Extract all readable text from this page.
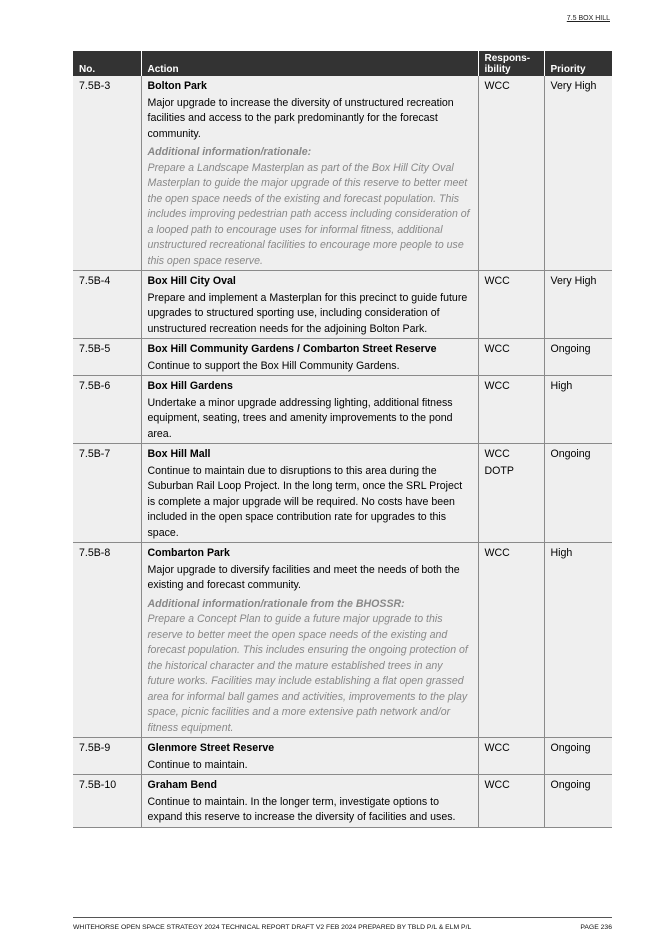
7.5 BOX HILL
No.	Action	Respons-
ibility	Priority
7.5B-3	Bolton Park
Major upgrade to increase the diversity of unstructured recreation facilities and access to the park predominantly for the forecast community.
Additional information/rationale:
Prepare a Landscape Masterplan as part of the Box Hill City Oval Masterplan to guide the major upgrade of this reserve to better meet the open space needs of the existing and forecast population. This includes improving pedestrian path access including consideration of a looped path to encourage uses for informal fitness, additional unstructured recreational facilities to encourage more people to use this open space reserve.	WCC	Very High
7.5B-4	Box Hill City Oval
Prepare and implement a Masterplan for this precinct to guide future upgrades to structured sporting use, including consideration of unstructured recreation needs for the adjoining Bolton Park.	WCC	Very High
7.5B-5	Box Hill Community Gardens / Combarton Street Reserve
Continue to support the Box Hill Community Gardens.	WCC	Ongoing
7.5B-6	Box Hill Gardens
Undertake a minor upgrade addressing lighting, additional fitness equipment, seating, trees and amenity improvements to the pond area.	WCC	High
7.5B-7	Box Hill Mall
Continue to maintain due to disruptions to this area during the Suburban Rail Loop Project. In the long term, once the SRL Project is complete a major upgrade will be required. No costs have been included in the open space contribution rate for upgrades to this space.	WCC
DOTP	Ongoing
7.5B-8	Combarton Park
Major upgrade to diversify facilities and meet the needs of both the existing and forecast community.
Additional information/rationale from the BHOSSR:
Prepare a Concept Plan to guide a future major upgrade to this reserve to better meet the open space needs of the existing and forecast population. This includes ensuring the ongoing protection of the historical character and the mature established trees in any future works. Facilities may include establishing a flat open grassed area for informal ball games and activities, improvements to the play space, picnic facilities and a more extensive path network and/or fitness equipment.	WCC	High
7.5B-9	Glenmore Street Reserve
Continue to maintain.	WCC	Ongoing
7.5B-10	Graham Bend
Continue to maintain. In the longer term, investigate options to expand this reserve to increase the diversity of facilities and uses.	WCC	Ongoing
WHITEHORSE OPEN SPACE STRATEGY 2024 TECHNICAL REPORT DRAFT V2 FEB 2024 PREPARED BY TBLD P/L & ELM P/L	PAGE 236
